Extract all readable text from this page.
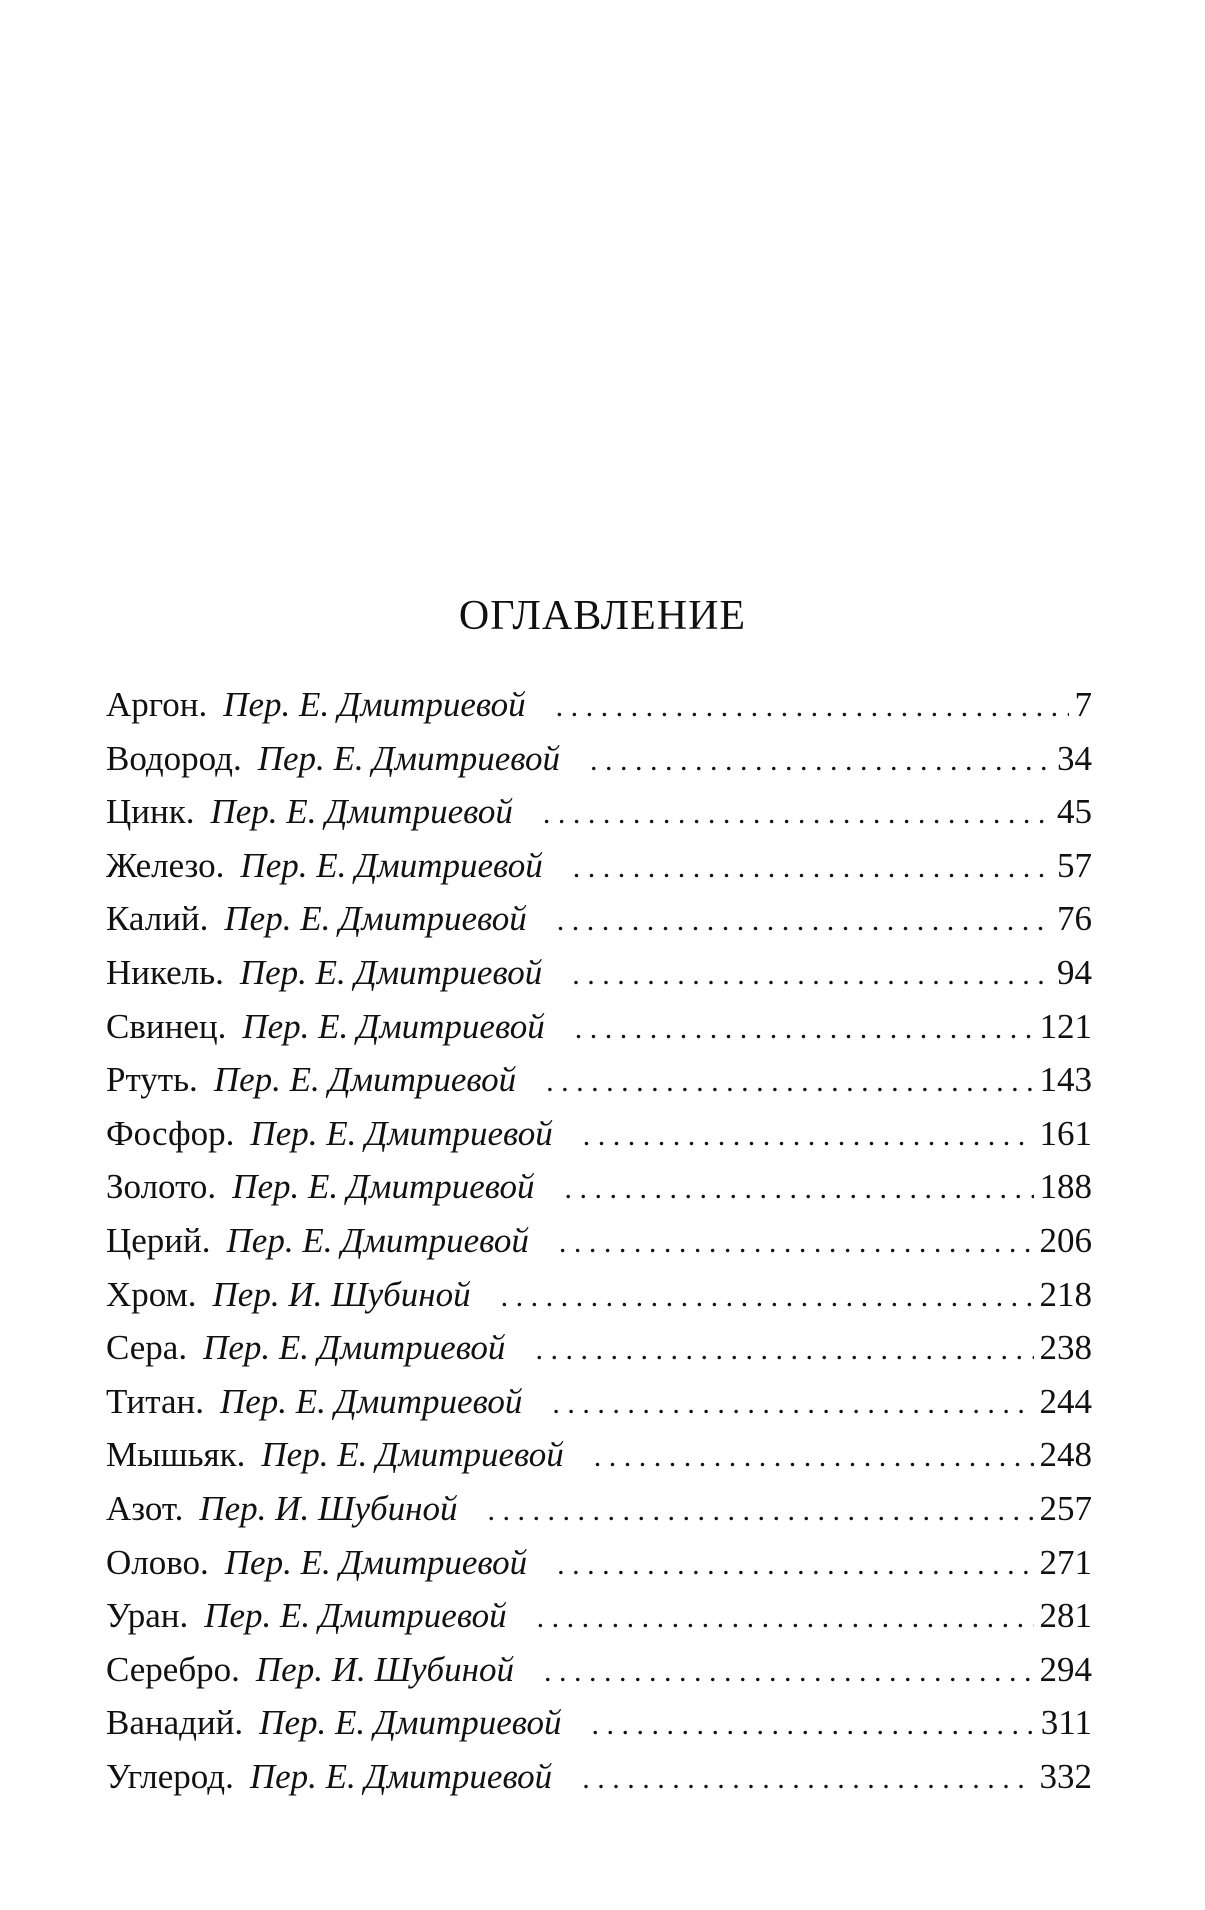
ОГЛАВЛЕНИЕ
Аргон. Пер. Е. Дмитриевой . . .	7
Водород. Пер. Е. Дмитриевой . . .	34
Цинк. Пер. Е. Дмитриевой . . .	45
Железо. Пер. Е. Дмитриевой . . .	57
Калий. Пер. Е. Дмитриевой . . .	76
Никель. Пер. Е. Дмитриевой . . .	94
Свинец. Пер. Е. Дмитриевой . . .	121
Ртуть. Пер. Е. Дмитриевой . . .	143
Фосфор. Пер. Е. Дмитриевой . . .	161
Золото. Пер. Е. Дмитриевой . . .	188
Церий. Пер. Е. Дмитриевой . . .	206
Хром. Пер. И. Шубиной . . .	218
Сера. Пер. Е. Дмитриевой . . .	238
Титан. Пер. Е. Дмитриевой . . .	244
Мышьяк. Пер. Е. Дмитриевой . . .	248
Азот. Пер. И. Шубиной . . .	257
Олово. Пер. Е. Дмитриевой . . .	271
Уран. Пер. Е. Дмитриевой . . .	281
Серебро. Пер. И. Шубиной . . .	294
Ванадий. Пер. Е. Дмитриевой . . .	311
Углерод. Пер. Е. Дмитриевой . . .	332
